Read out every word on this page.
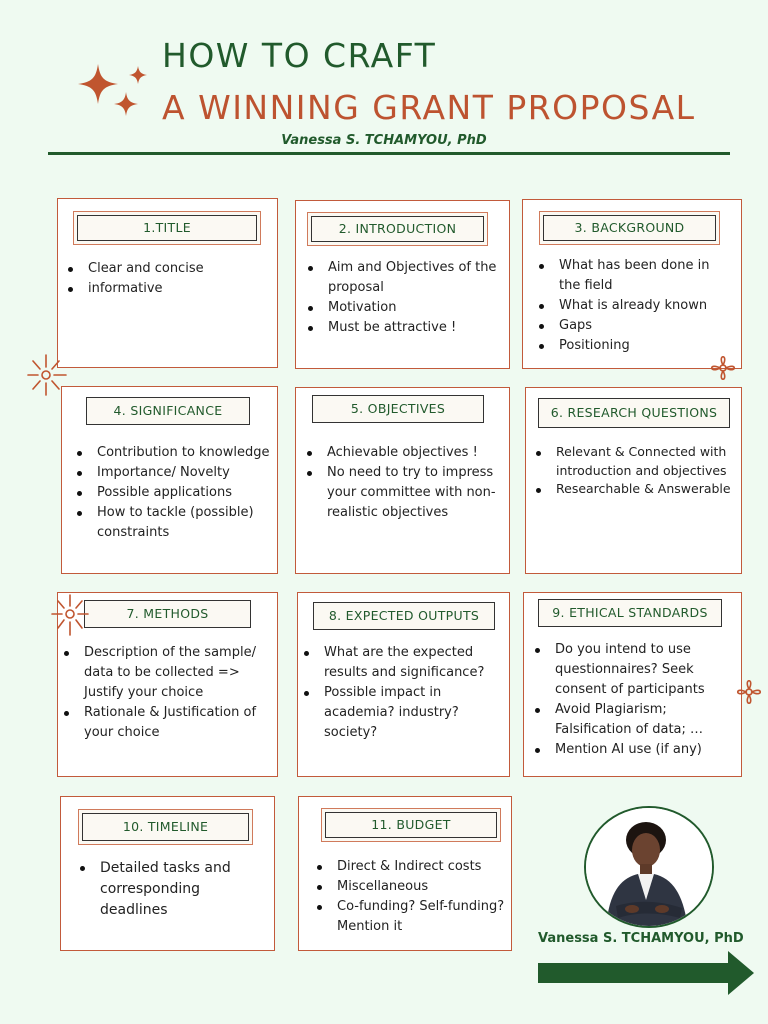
HOW TO CRAFT
A WINNING GRANT PROPOSAL
Vanessa S. TCHAMYOU, PhD
1.TITLE
Clear and concise
informative
2. INTRODUCTION
Aim and Objectives of the proposal
Motivation
Must be attractive !
3. BACKGROUND
What has been done in the field
What is already known
Gaps
Positioning
4. SIGNIFICANCE
Contribution to knowledge
Importance/ Novelty
Possible applications
How to tackle (possible) constraints
5. OBJECTIVES
Achievable objectives !
No need to try to impress your committee with non-realistic objectives
6. RESEARCH QUESTIONS
Relevant & Connected with introduction and objectives
Researchable & Answerable
7. METHODS
Description of the sample/ data to be collected => Justify your choice
Rationale & Justification of your choice
8. EXPECTED OUTPUTS
What are the expected results and significance?
Possible impact in academia? industry? society?
9. ETHICAL STANDARDS
Do you intend to use questionnaires? Seek consent of participants
Avoid Plagiarism; Falsification of data; …
Mention AI use (if any)
10. TIMELINE
Detailed tasks and corresponding deadlines
11. BUDGET
Direct & Indirect costs
Miscellaneous
Co-funding? Self-funding? Mention it
Vanessa S. TCHAMYOU, PhD
